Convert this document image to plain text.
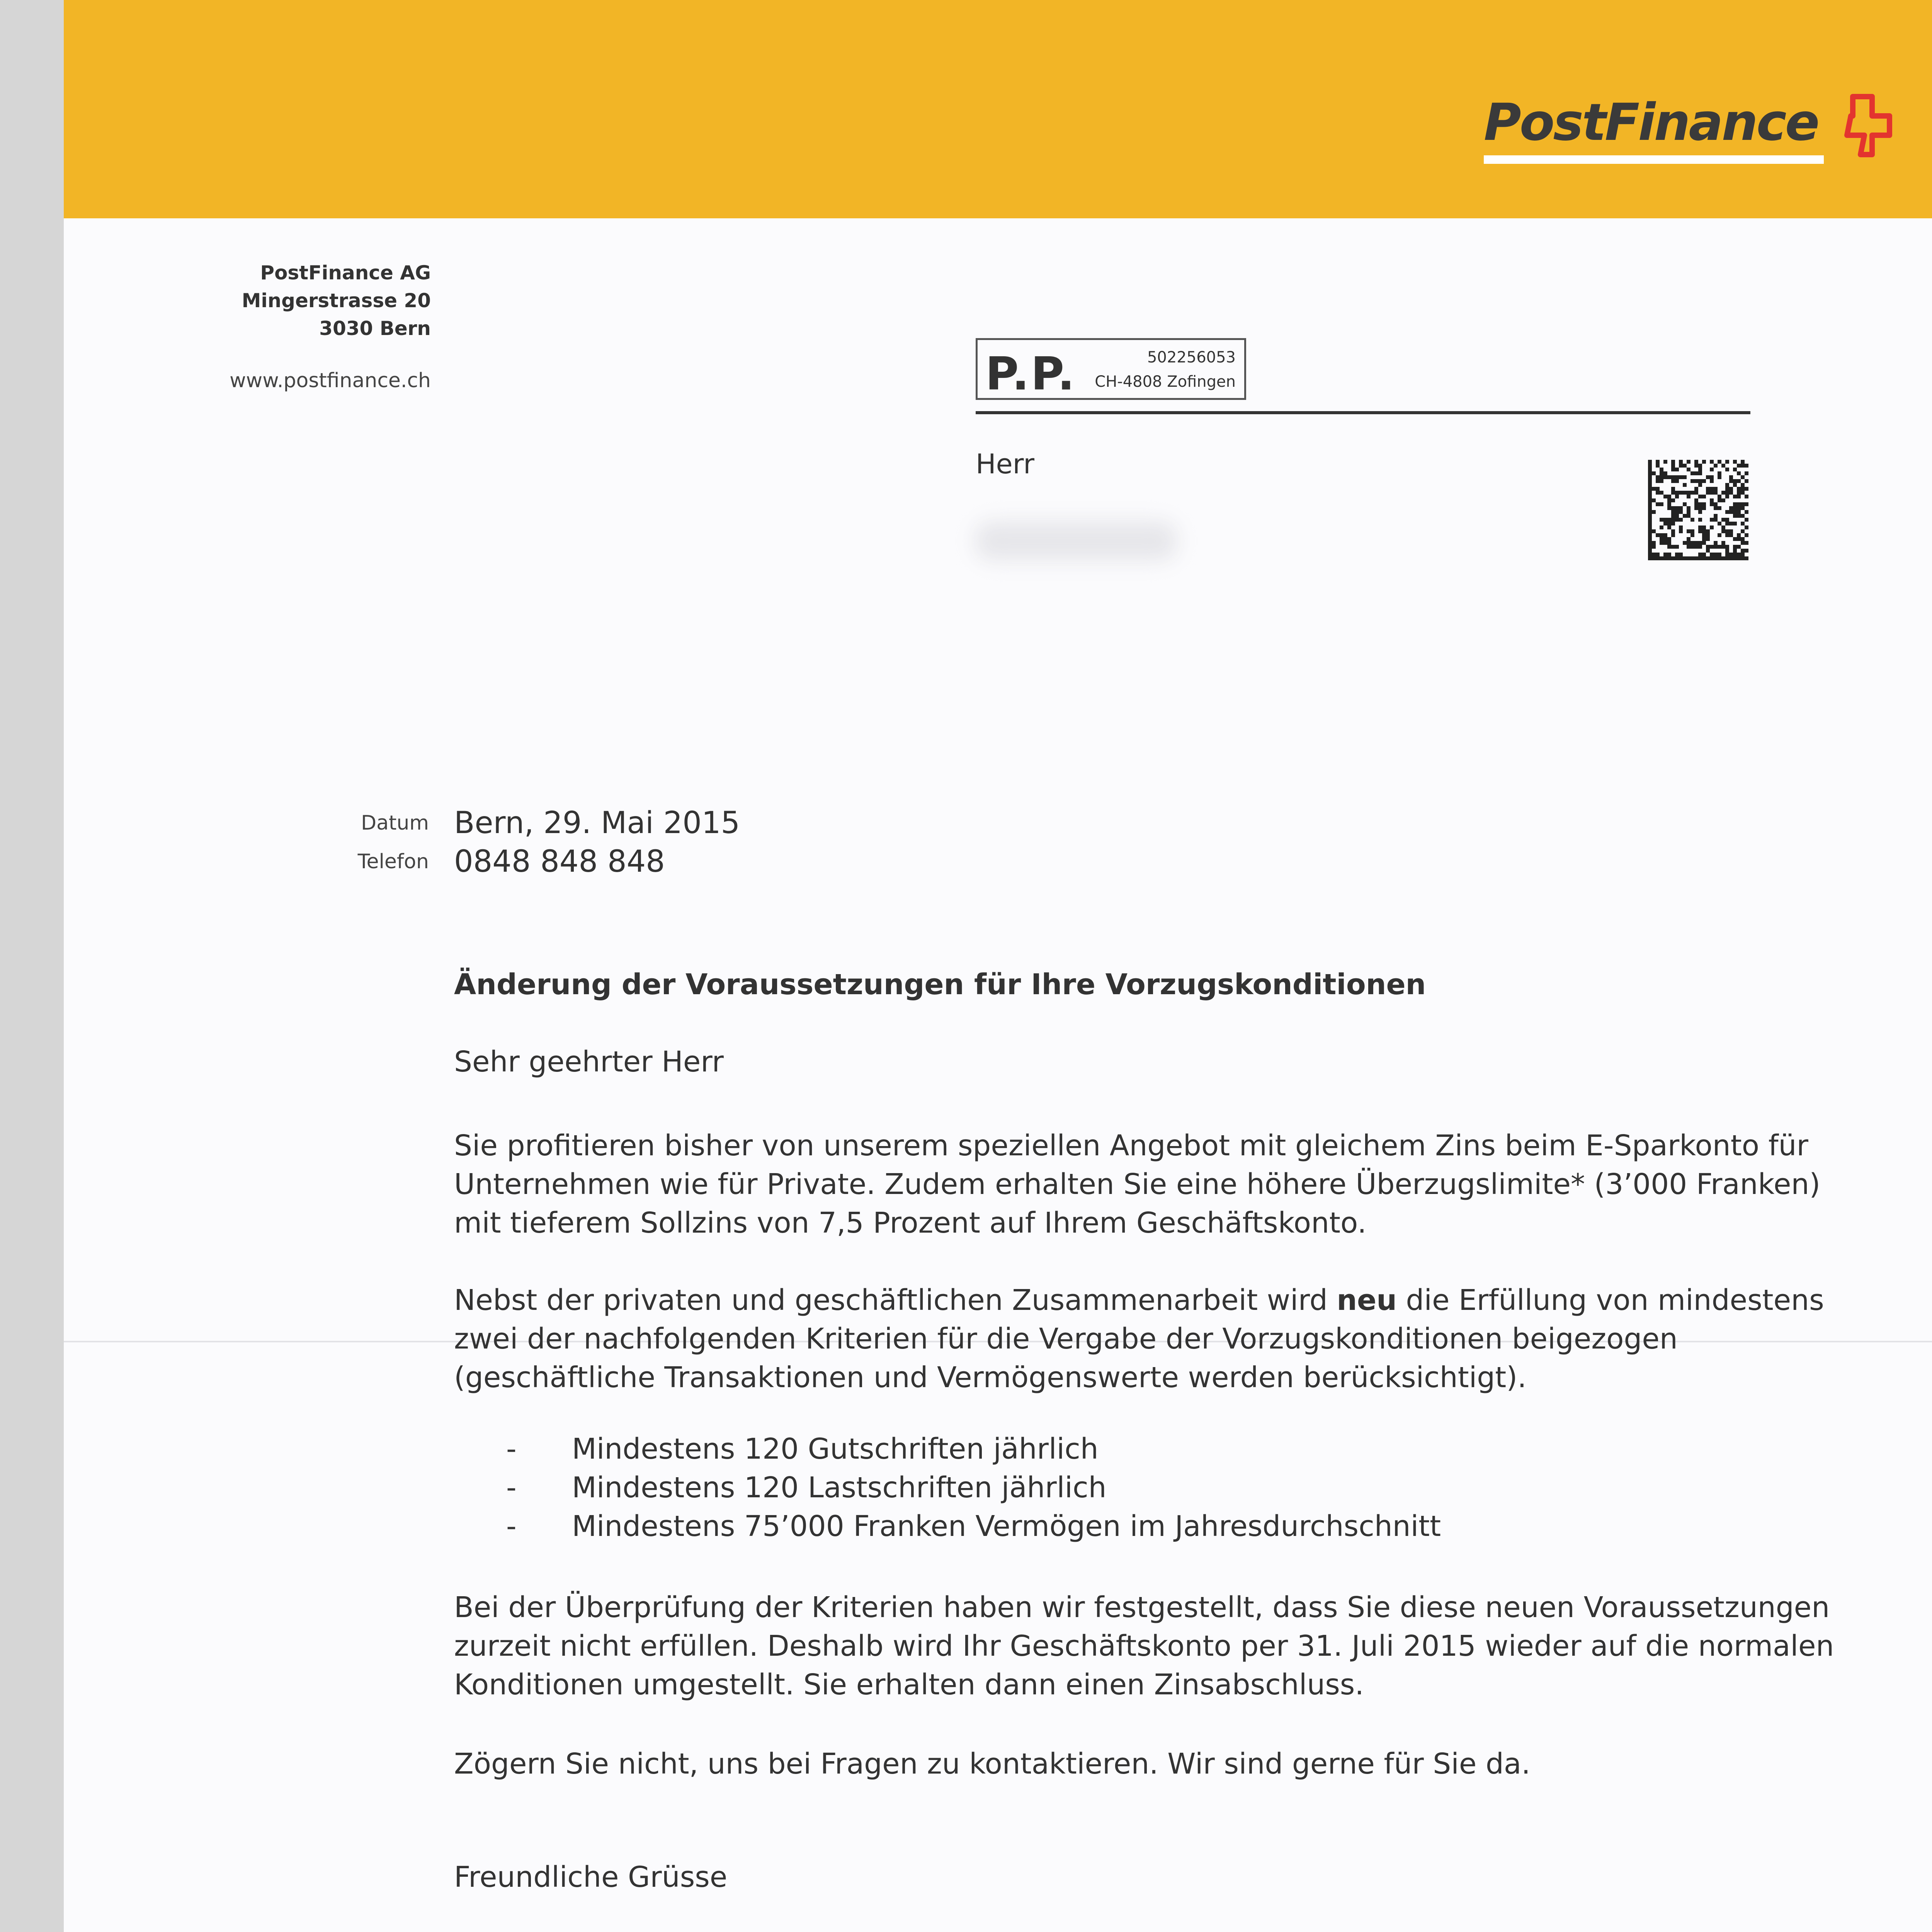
PostFinance
PostFinance AG
Mingerstrasse 20
3030 Bern
www.postfinance.ch	P.P.	502256053
CH-4808 Zofingen
Herr
Datum Bern, 29. Mai 2015
Telefon 0848 848 848
Änderung der Voraussetzungen für Ihre Vorzugskonditionen
Sehr geehrter Herr
Sie profitieren bisher von unserem speziellen Angebot mit gleichem Zins beim E-Sparkonto für Unternehmen wie für Private. Zudem erhalten Sie eine höhere Überzugslimite* (3’000 Franken) mit tieferem Sollzins von 7,5 Prozent auf Ihrem Geschäftskonto.
Nebst der privaten und geschäftlichen Zusammenarbeit wird neu die Erfüllung von mindestens zwei der nachfolgenden Kriterien für die Vergabe der Vorzugskonditionen beigezogen (geschäftliche Transaktionen und Vermögenswerte werden berücksichtigt).
-	Mindestens 120 Gutschriften jährlich
-	Mindestens 120 Lastschriften jährlich
-	Mindestens 75’000 Franken Vermögen im Jahresdurchschnitt
Bei der Überprüfung der Kriterien haben wir festgestellt, dass Sie diese neuen Voraussetzungen zurzeit nicht erfüllen. Deshalb wird Ihr Geschäftskonto per 31. Juli 2015 wieder auf die normalen Konditionen umgestellt. Sie erhalten dann einen Zinsabschluss.
Zögern Sie nicht, uns bei Fragen zu kontaktieren. Wir sind gerne für Sie da.
Freundliche Grüsse
